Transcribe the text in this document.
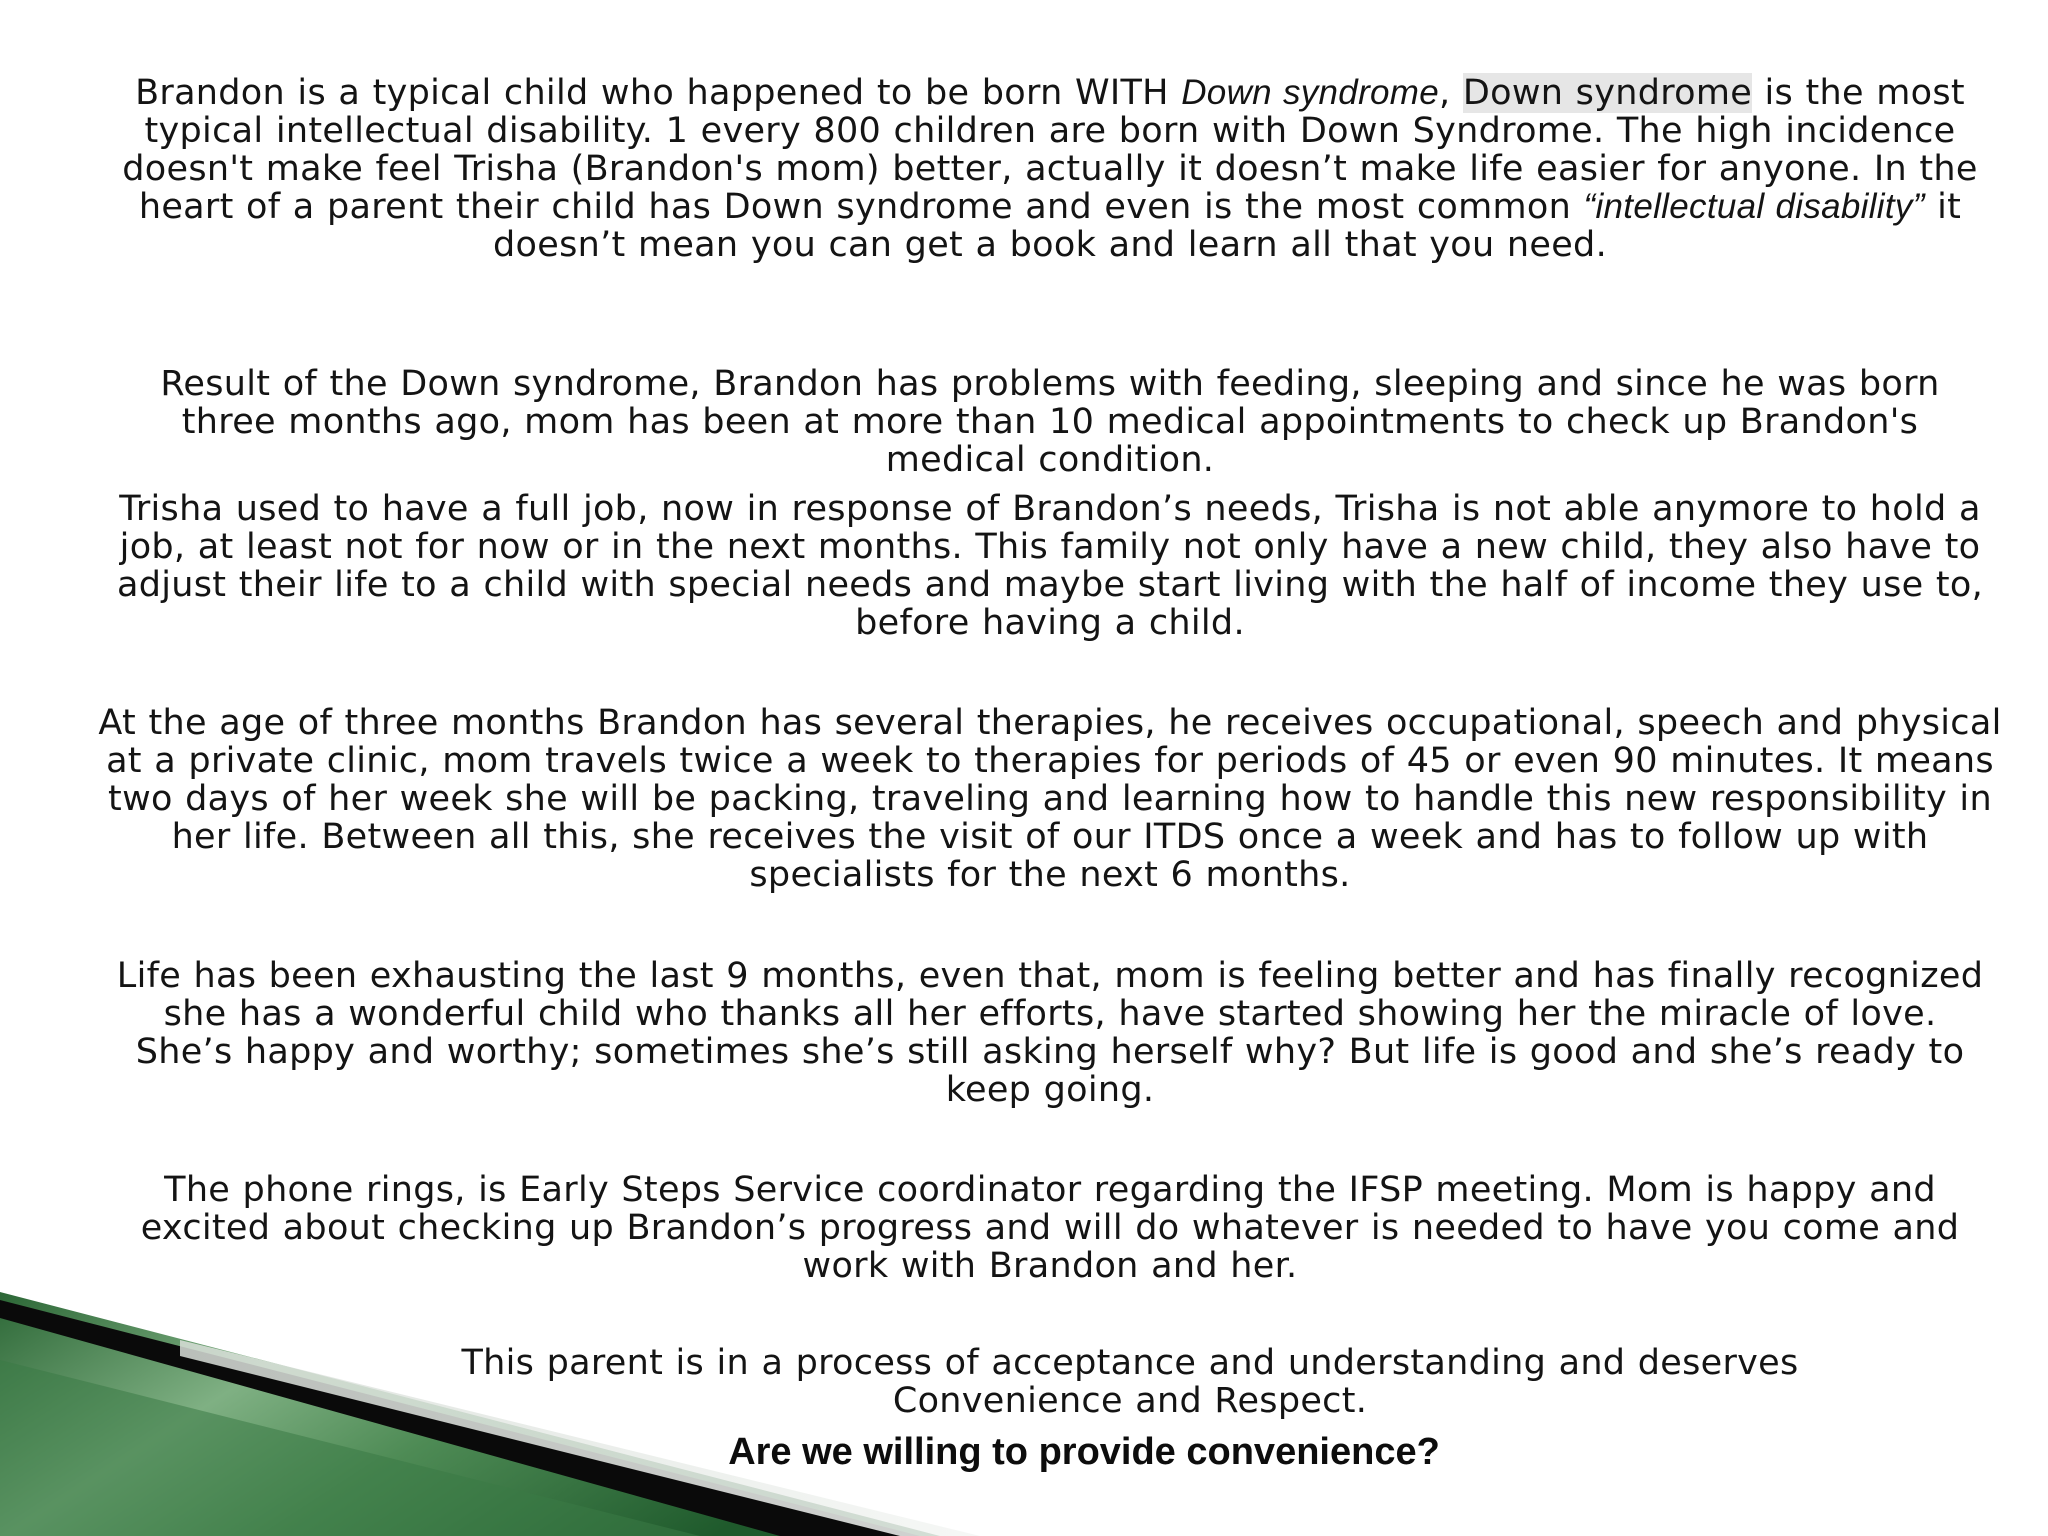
Brandon is a typical child who happened to be born WITH Down syndrome, Down syndrome is the most typical intellectual disability. 1 every 800 children are born with Down Syndrome. The high incidence doesn't make feel Trisha (Brandon's mom) better, actually it doesn’t make life easier for anyone. In the heart of a parent their child has Down syndrome and even is the most common “intellectual disability” it doesn’t mean you can get a book and learn all that you need.

Result of the Down syndrome, Brandon has problems with feeding, sleeping and since he was born three months ago, mom has been at more than 10 medical appointments to check up Brandon's medical condition.

Trisha used to have a full job, now in response of Brandon’s needs, Trisha is not able anymore to hold a job, at least not for now or in the next months. This family not only have a new child, they also have to adjust their life to a child with special needs and maybe start living with the half of income they use to, before having a child.

At the age of three months Brandon has several therapies, he receives occupational, speech and physical at a private clinic, mom travels twice a week to therapies for periods of 45 or even 90 minutes. It means two days of her week she will be packing, traveling and learning how to handle this new responsibility in her life. Between all this, she receives the visit of our ITDS once a week and has to follow up with specialists for the next 6 months.

Life has been exhausting the last 9 months, even that, mom is feeling better and has finally recognized she has a wonderful child who thanks all her efforts, have started showing her the miracle of love. She’s happy and worthy; sometimes she’s still asking herself why? But life is good and she’s ready to keep going.

The phone rings, is Early Steps Service coordinator regarding the IFSP meeting. Mom is happy and excited about checking up Brandon’s progress and will do whatever is needed to have you come and work with Brandon and her.

This parent is in a process of acceptance and understanding and deserves Convenience and Respect.

Are we willing to provide convenience?
